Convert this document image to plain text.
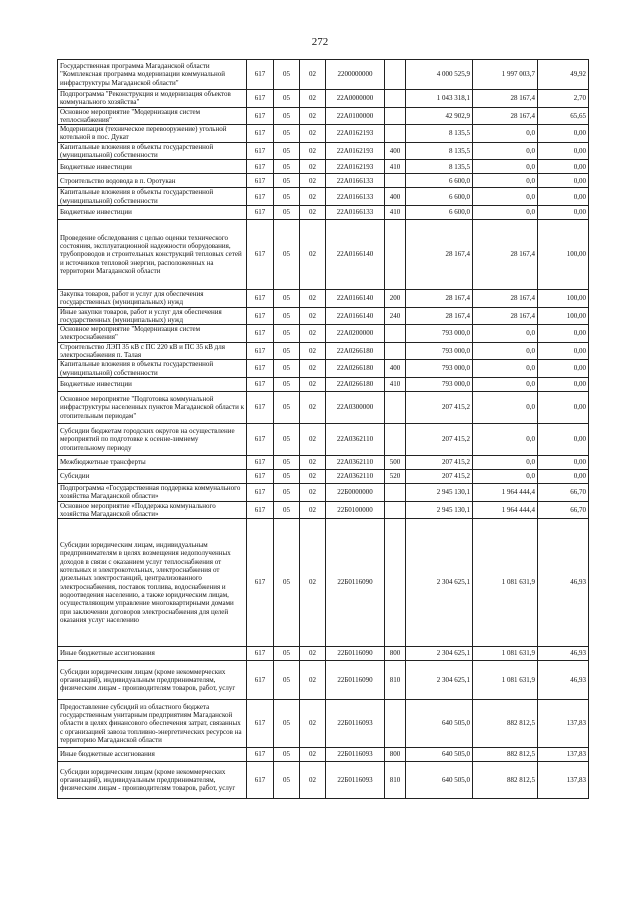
272
Государственная программа Магаданской области "Комплексная программа модернизации коммунальной инфраструктуры Магаданской области"	617	05	02	2200000000		4 000 525,9	1 997 003,7	49,92
Подпрограмма "Реконструкция и модернизация объектов коммунального хозяйства"	617	05	02	22А0000000		1 043 318,1	28 167,4	2,70
Основное мероприятие "Модернизация систем теплоснабжения"	617	05	02	22А0100000		42 902,9	28 167,4	65,65
Модернизация (техническое перевооружение) угольной котельной в пос. Дукат	617	05	02	22А0162193		8 135,5	0,0	0,00
Капитальные вложения в объекты государственной (муниципальной) собственности	617	05	02	22А0162193	400	8 135,5	0,0	0,00
Бюджетные инвестиции	617	05	02	22А0162193	410	8 135,5	0,0	0,00
Строительство водовода в п. Оротукан	617	05	02	22А0166133		6 600,0	0,0	0,00
Капитальные вложения в объекты государственной (муниципальной) собственности	617	05	02	22А0166133	400	6 600,0	0,0	0,00
Бюджетные инвестиции	617	05	02	22А0166133	410	6 600,0	0,0	0,00
Проведение обследования с целью оценки технического состояния, эксплуатационной надежности оборудования, трубопроводов и строительных конструкций тепловых сетей и источников тепловой энергии, расположенных на территории Магаданской области	617	05	02	22А0166140		28 167,4	28 167,4	100,00
Закупка товаров, работ и услуг для обеспечения государственных (муниципальных) нужд	617	05	02	22А0166140	200	28 167,4	28 167,4	100,00
Иные закупки товаров, работ и услуг для обеспечения государственных (муниципальных) нужд	617	05	02	22А0166140	240	28 167,4	28 167,4	100,00
Основное мероприятие "Модернизация систем электроснабжения"	617	05	02	22А0200000		793 000,0	0,0	0,00
Строительство ЛЭП 35 кВ с ПС 220 кВ и ПС 35 кВ для электроснабжения п. Талая	617	05	02	22А0266180		793 000,0	0,0	0,00
Капитальные вложения в объекты государственной (муниципальной) собственности	617	05	02	22А0266180	400	793 000,0	0,0	0,00
Бюджетные инвестиции	617	05	02	22А0266180	410	793 000,0	0,0	0,00
Основное мероприятие "Подготовка коммунальной инфраструктуры населенных пунктов Магаданской области к отопительным периодам"	617	05	02	22А0300000		207 415,2	0,0	0,00
Субсидии бюджетам городских округов на осуществление мероприятий по подготовке к осенне-зимнему отопительному периоду	617	05	02	22А0362110		207 415,2	0,0	0,00
Межбюджетные трансферты	617	05	02	22А0362110	500	207 415,2	0,0	0,00
Субсидии	617	05	02	22А0362110	520	207 415,2	0,0	0,00
Подпрограмма «Государственная поддержка коммунального хозяйства Магаданской области»	617	05	02	22Б0000000		2 945 130,1	1 964 444,4	66,70
Основное мероприятие «Поддержка коммунального хозяйства Магаданской области»	617	05	02	22Б0100000		2 945 130,1	1 964 444,4	66,70
Субсидии юридическим лицам, индивидуальным предпринимателям в целях возмещения недополученных доходов в связи с оказанием услуг теплоснабжения от котельных и электрокотельных, электроснабжения от дизельных электростанций, централизованного электроснабжения, поставок топлива, водоснабжения и водоотведения населению, а также юридическим лицам, осуществляющим управление многоквартирными домами при заключении договоров электроснабжения для целей оказания услуг населению	617	05	02	22Б0116090		2 304 625,1	1 081 631,9	46,93
Иные бюджетные ассигнования	617	05	02	22Б0116090	800	2 304 625,1	1 081 631,9	46,93
Субсидии юридическим лицам (кроме некоммерческих организаций), индивидуальным предпринимателям, физическим лицам - производителям товаров, работ, услуг	617	05	02	22Б0116090	810	2 304 625,1	1 081 631,9	46,93
Предоставление субсидий из областного бюджета государственным унитарным предприятиям Магаданской области в целях финансового обеспечения затрат, связанных с организацией завоза топливно-энергетических ресурсов на территорию Магаданской области	617	05	02	22Б0116093		640 505,0	882 812,5	137,83
Иные бюджетные ассигнования	617	05	02	22Б0116093	800	640 505,0	882 812,5	137,83
Субсидии юридическим лицам (кроме некоммерческих организаций), индивидуальным предпринимателям, физическим лицам - производителям товаров, работ, услуг	617	05	02	22Б0116093	810	640 505,0	882 812,5	137,83
